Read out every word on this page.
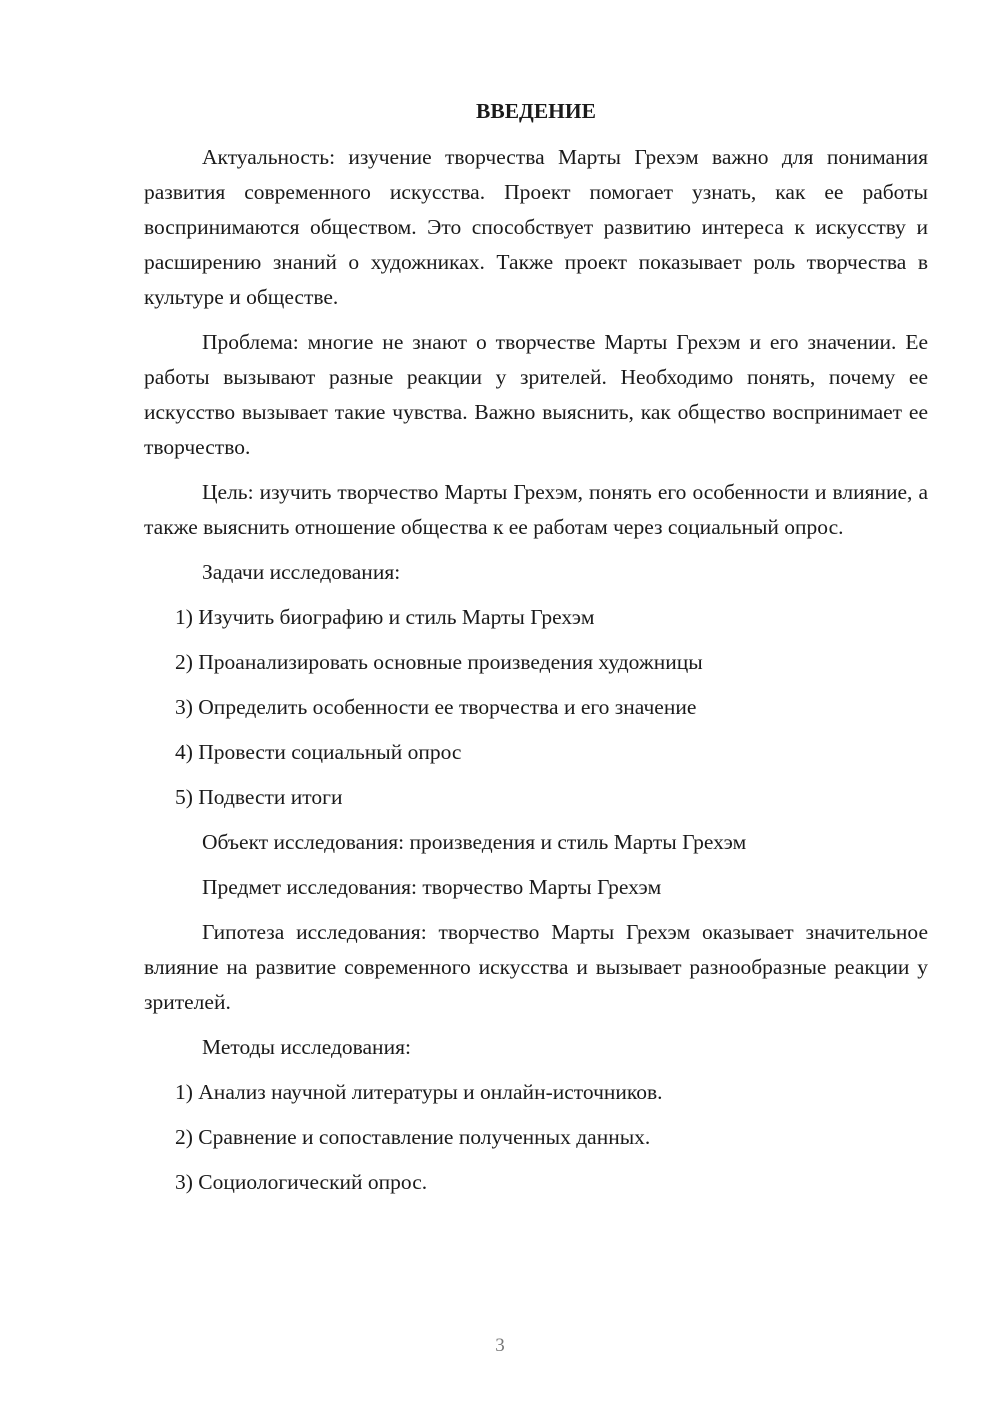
ВВЕДЕНИЕ

Актуальность: изучение творчества Марты Грехэм важно для понимания развития современного искусства. Проект помогает узнать, как ее работы воспринимаются обществом. Это способствует развитию интереса к искусству и расширению знаний о художниках. Также проект показывает роль творчества в культуре и обществе.

Проблема: многие не знают о творчестве Марты Грехэм и его значении. Ее работы вызывают разные реакции у зрителей. Необходимо понять, почему ее искусство вызывает такие чувства. Важно выяснить, как общество воспринимает ее творчество.

Цель: изучить творчество Марты Грехэм, понять его особенности и влияние, а также выяснить отношение общества к ее работам через социальный опрос.

Задачи исследования:

1) Изучить биографию и стиль Марты Грехэм

2) Проанализировать основные произведения художницы

3) Определить особенности ее творчества и его значение

4) Провести социальный опрос

5) Подвести итоги

Объект исследования: произведения и стиль Марты Грехэм

Предмет исследования: творчество Марты Грехэм

Гипотеза исследования: творчество Марты Грехэм оказывает значительное влияние на развитие современного искусства и вызывает разнообразные реакции у зрителей.

Методы исследования:

1) Анализ научной литературы и онлайн-источников.

2) Сравнение и сопоставление полученных данных.

3) Социологический опрос.

3
